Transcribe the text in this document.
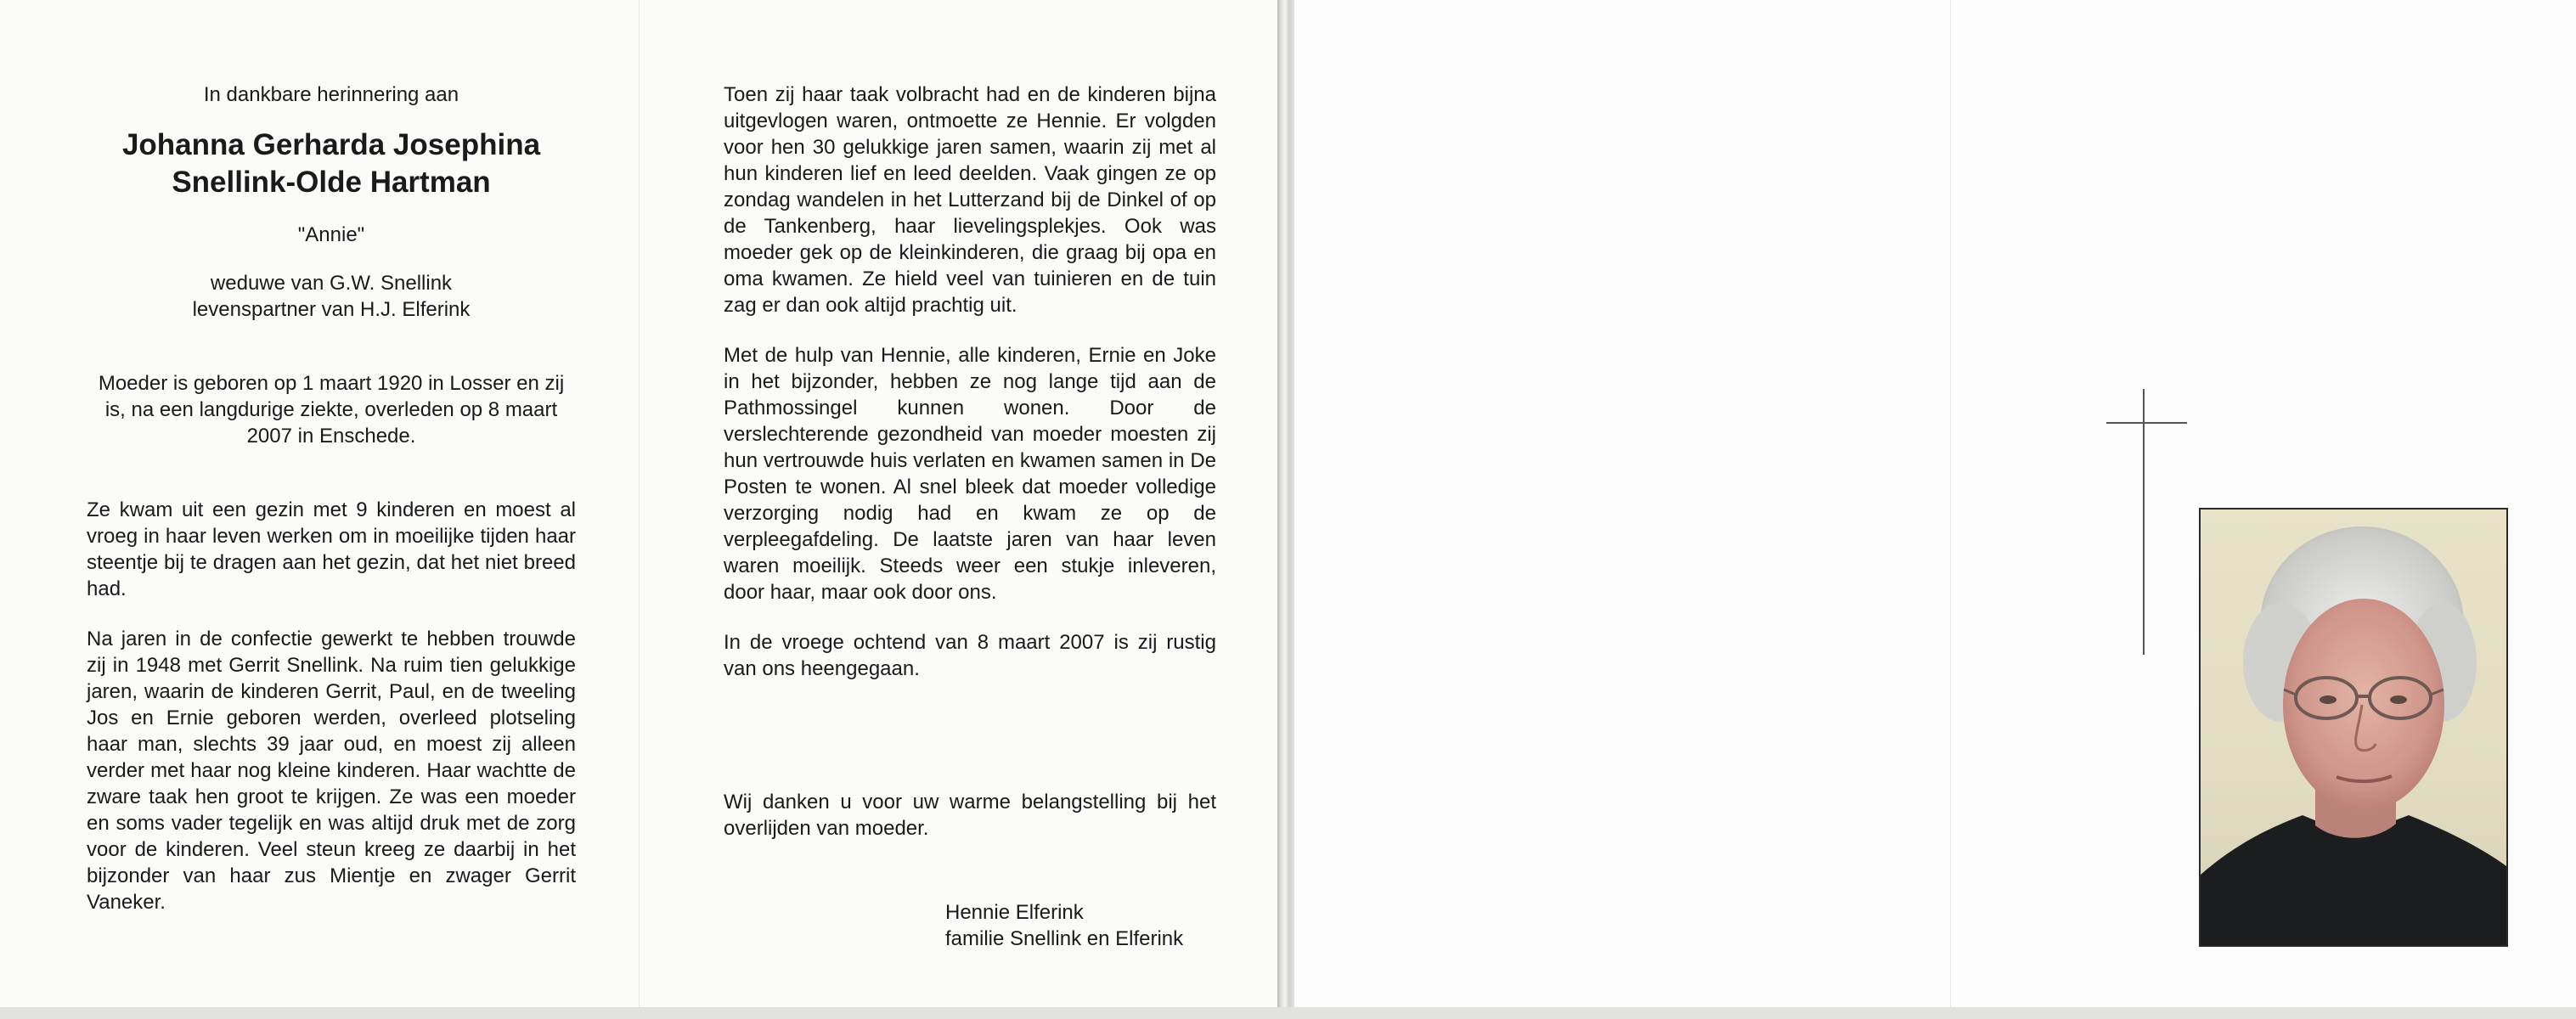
In dankbare herinnering aan

Johanna Gerharda Josephina

Snellink-Olde Hartman

"Annie"

weduwe van G.W. Snellink

levenspartner van H.J. Elferink

Moeder is geboren op 1 maart 1920 in Losser en zij is, na een langdurige ziekte, overleden op 8 maart 2007 in Enschede.

Ze kwam uit een gezin met 9 kinderen en moest al vroeg in haar leven werken om in moeilijke tijden haar steentje bij te dragen aan het gezin, dat het niet breed had.

Na jaren in de confectie gewerkt te hebben trouwde zij in 1948 met Gerrit Snellink. Na ruim tien gelukkige jaren, waarin de kinderen Gerrit, Paul, en de tweeling Jos en Ernie geboren werden, overleed plotseling haar man, slechts 39 jaar oud, en moest zij alleen verder met haar nog kleine kinderen. Haar wachtte de zware taak hen groot te krijgen. Ze was een moeder en soms vader tegelijk en was altijd druk met de zorg voor de kinderen. Veel steun kreeg ze daarbij in het bijzonder van haar zus Mientje en zwager Gerrit Vaneker.

Toen zij haar taak volbracht had en de kinderen bijna uitgevlogen waren, ontmoette ze Hennie. Er volgden voor hen 30 gelukkige jaren samen, waarin zij met al hun kinderen lief en leed deelden. Vaak gingen ze op zondag wandelen in het Lutterzand bij de Dinkel of op de Tankenberg, haar lievelingsplekjes. Ook was moeder gek op de kleinkinderen, die graag bij opa en oma kwamen. Ze hield veel van tuinieren en de tuin zag er dan ook altijd prachtig uit.

Met de hulp van Hennie, alle kinderen, Ernie en Joke in het bijzonder, hebben ze nog lange tijd aan de Pathmossingel kunnen wonen. Door de verslechterende gezondheid van moeder moesten zij hun vertrouwde huis verlaten en kwamen samen in De Posten te wonen. Al snel bleek dat moeder volledige verzorging nodig had en kwam ze op de verpleegafdeling. De laatste jaren van haar leven waren moeilijk. Steeds weer een stukje inleveren, door haar, maar ook door ons.

In de vroege ochtend van 8 maart 2007 is zij rustig van ons heengegaan.

Wij danken u voor uw warme belangstelling bij het overlijden van moeder.

Hennie Elferink
familie Snellink en Elferink
